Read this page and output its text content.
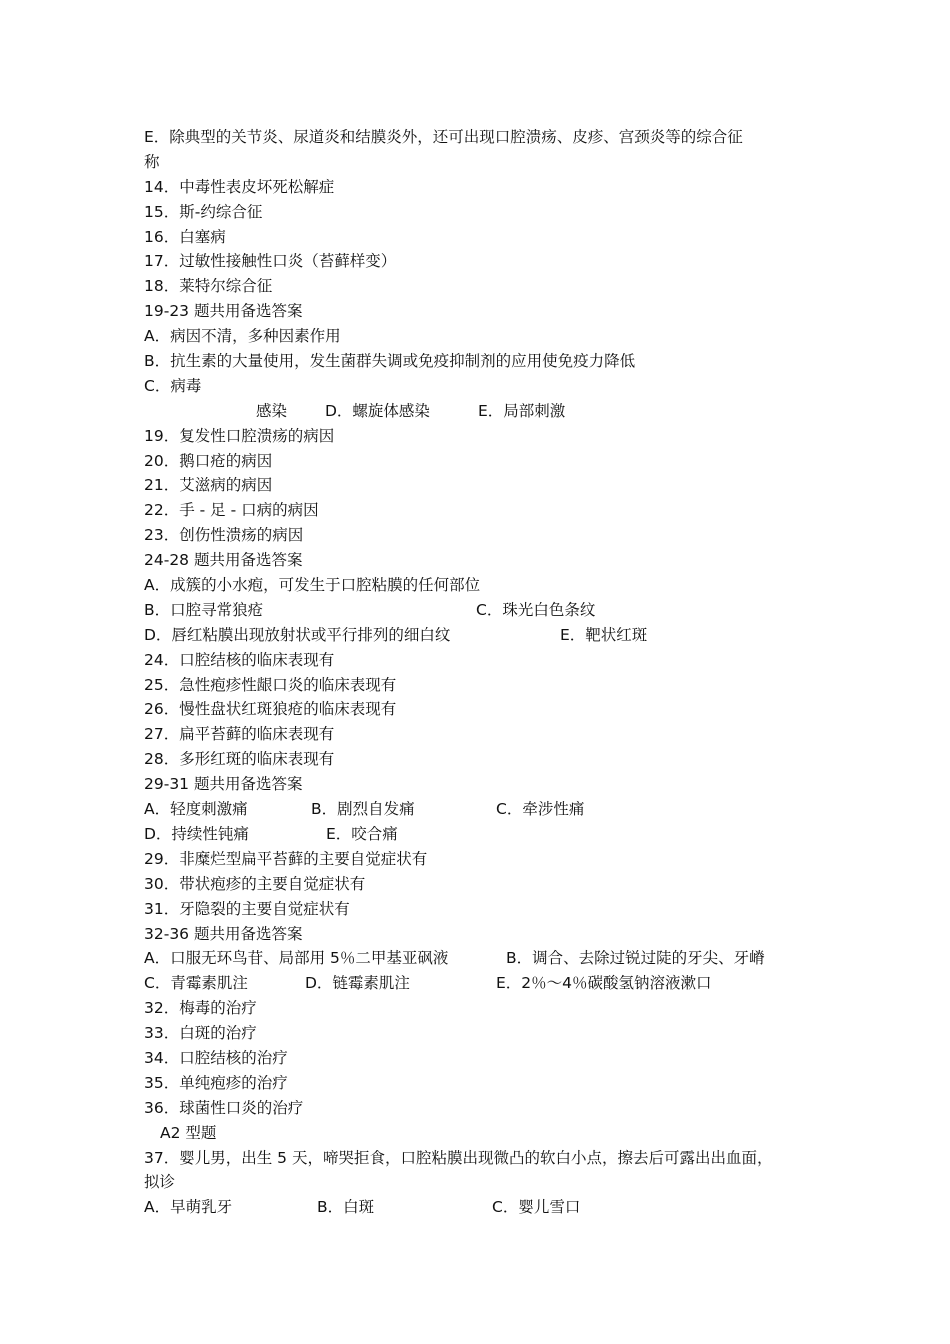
E．除典型的关节炎、尿道炎和结膜炎外，还可出现口腔溃疡、皮疹、宫颈炎等的综合征
称
14．中毒性表皮坏死松解症
15．斯-约综合征
16．白塞病
17．过敏性接触性口炎（苔藓样变）
18．莱特尔综合征
19-23 题共用备选答案
A．病因不清，多种因素作用
B．抗生素的大量使用，发生菌群失调或免疫抑制剂的应用使免疫力降低
C．病毒
感染 D．螺旋体感染	E．局部刺激
19．复发性口腔溃疡的病因
20．鹅口疮的病因
21．艾滋病的病因
22．手 - 足 - 口病的病因
23．创伤性溃疡的病因
24-28 题共用备选答案
A．成簇的小水疱，可发生于口腔粘膜的任何部位
B．口腔寻常狼疮	C．珠光白色条纹
D．唇红粘膜出现放射状或平行排列的细白纹	E．靶状红斑
24．口腔结核的临床表现有
25．急性疱疹性龈口炎的临床表现有
26．慢性盘状红斑狼疮的临床表现有
27．扁平苔藓的临床表现有
28．多形红斑的临床表现有
29-31 题共用备选答案
A．轻度刺激痛	B．剧烈自发痛	C．牵涉性痛
D．持续性钝痛	E．咬合痛
29．非糜烂型扁平苔藓的主要自觉症状有
30．带状疱疹的主要自觉症状有
31．牙隐裂的主要自觉症状有
32-36 题共用备选答案
A．口服无环鸟苷、局部用 5％二甲基亚砜液	B．调合、去除过锐过陡的牙尖、牙嵴
C．青霉素肌注	D．链霉素肌注	E．2％～4％碳酸氢钠溶液漱口
32．梅毒的治疗
33．白斑的治疗
34．口腔结核的治疗
35．单纯疱疹的治疗
36．球菌性口炎的治疗
A2 型题
37．婴儿男，出生 5 天，啼哭拒食，口腔粘膜出现微凸的软白小点，擦去后可露出出血面，
拟诊
A．早萌乳牙	B．白斑	C．婴儿雪口
